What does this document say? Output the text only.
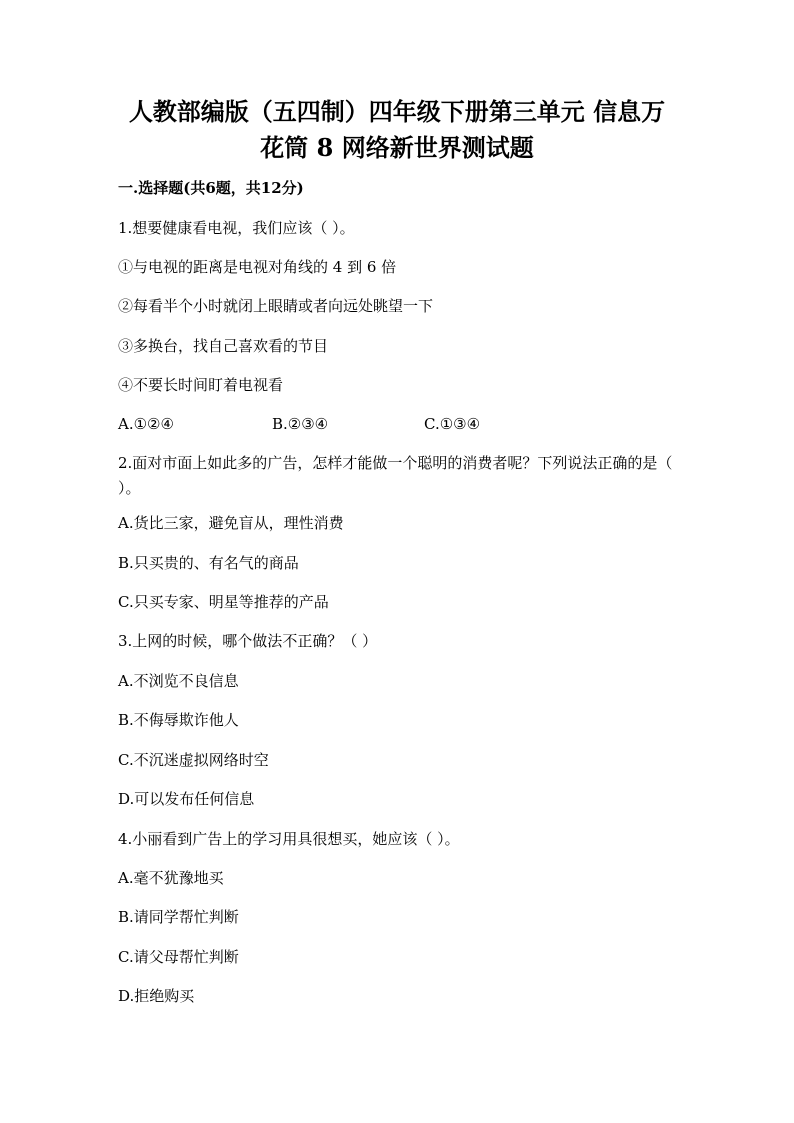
人教部编版（五四制）四年级下册第三单元 信息万
花筒 8 网络新世界测试题
一.选择题(共6题，共12分)
1.想要健康看电视，我们应该（ ）。
①与电视的距离是电视对角线的 4 到 6 倍
②每看半个小时就闭上眼睛或者向远处眺望一下
③多换台，找自己喜欢看的节目
④不要长时间盯着电视看
A.①②④	B.②③④	C.①③④
2.面对市面上如此多的广告，怎样才能做一个聪明的消费者呢？下列说法正确的是（ ）。
A.货比三家，避免盲从，理性消费
B.只买贵的、有名气的商品
C.只买专家、明星等推荐的产品
3.上网的时候，哪个做法不正确？（ ）
A.不浏览不良信息
B.不侮辱欺诈他人
C.不沉迷虚拟网络时空
D.可以发布任何信息
4.小丽看到广告上的学习用具很想买，她应该（ ）。
A.毫不犹豫地买
B.请同学帮忙判断
C.请父母帮忙判断
D.拒绝购买
